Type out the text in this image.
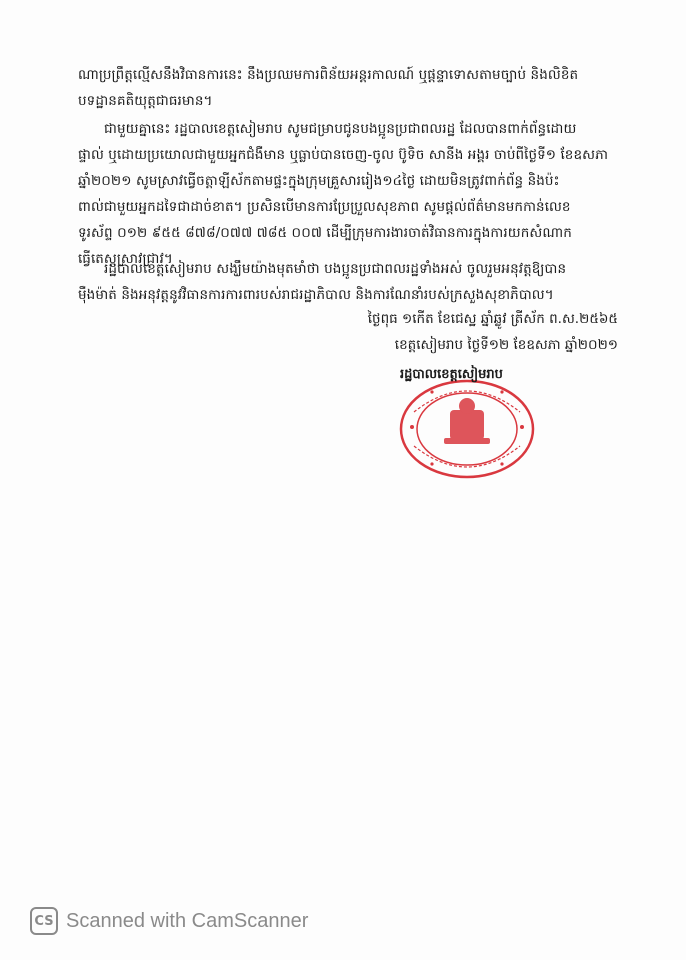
ណាប្រព្រឹត្តល្មើសនឹងវិធានការនេះ នឹងប្រឈមការពិន័យអន្តរកាលណ៍ ឬផ្តន្ទាទោសតាមច្បាប់ និងលិខិត
បទដ្ឋានគតិយុត្តជាធរមាន។
ជាមួយគ្នានេះ រដ្ឋបាលខេត្តសៀមរាប សូមជម្រាបជូនបងប្អូនប្រជាពលរដ្ឋ ដែលបានពាក់ព័ន្ធដោយ
ផ្ទាល់ ឬដោយប្រយោលជាមួយអ្នកជំងឺមាន ឬធ្លាប់បានចេញ-ចូល ប៊ូទិច សានីង អង្គរ ចាប់ពីថ្ងៃទី១ ខែឧសភា
ឆ្នាំ២០២១ សូមស្រាវធ្វើចត្តាឡីស័កតាមផ្ទះក្នុងក្រុមគ្រួសាររៀង១៤ថ្ងៃ ដោយមិនត្រូវពាក់ព័ន្ធ និងប៉ះ
ពាល់ជាមួយអ្នកដទៃជាដាច់ខាត។ ប្រសិនបើមានការប្រែប្រួលសុខភាព សូមផ្តល់ព័ត៌មានមកកាន់លេខ
ទូរស័ព្ទ ០១២ ៩៥៥ ៨៧៨/០៧៧ ៧៨៥ ០០៧ ដើម្បីក្រុមការងារចាត់វិធានការក្នុងការយកសំណាក
ធ្វើតេស្តស្រាវជ្រាវ។
រដ្ឋបាលខេត្តសៀមរាប សង្ឃឹមយ៉ាងមុតមាំថា បងប្អូនប្រជាពលរដ្ឋទាំងអស់ ចូលរួមអនុវត្តឱ្យបាន
ម៉ឺងម៉ាត់ និងអនុវត្តនូវវិធានការការពារបស់រាជរដ្ឋាភិបាល និងការណែនាំរបស់ក្រសួងសុខាភិបាល។
ថ្ងៃពុធ ១កើត ខែជេស្ឋ ឆ្នាំឆ្លូវ ត្រីស័ក ព.ស.២៥៦៥
ខេត្តសៀមរាប ថ្ងៃទី១២ ខែឧសភា ឆ្នាំ២០២១
រដ្ឋបាលខេត្តសៀមរាប
CS Scanned with CamScanner
